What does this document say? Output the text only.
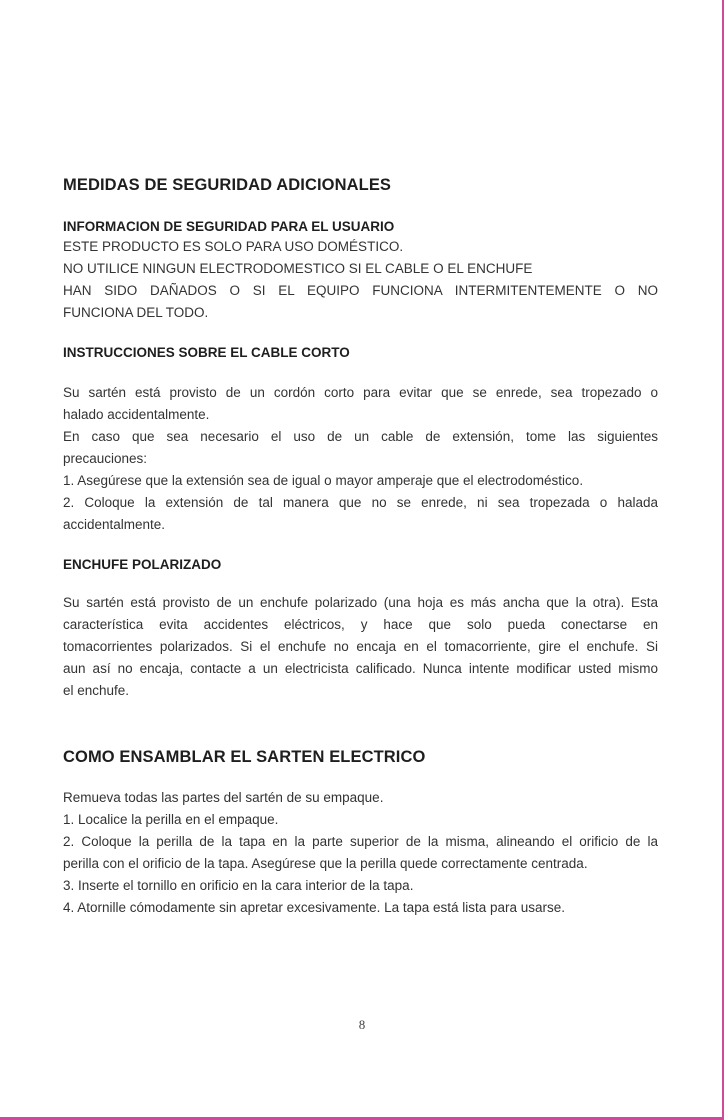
MEDIDAS DE SEGURIDAD ADICIONALES
INFORMACION DE SEGURIDAD PARA EL USUARIO
ESTE PRODUCTO ES SOLO PARA USO DOMÉSTICO.
NO UTILICE NINGUN ELECTRODOMESTICO SI EL CABLE O EL ENCHUFE
HAN SIDO DAÑADOS O SI EL EQUIPO FUNCIONA INTERMITENTEMENTE O NO
FUNCIONA DEL TODO.
INSTRUCCIONES SOBRE EL CABLE CORTO
Su sartén está provisto de un cordón corto para evitar que se enrede, sea tropezado o
halado accidentalmente.
En caso que sea necesario el uso de un cable de extensión, tome las siguientes
precauciones:
1. Asegúrese que la extensión sea de igual o mayor amperaje que el electrodoméstico.
2. Coloque la extensión de tal manera que no se enrede, ni sea tropezada o halada
accidentalmente.
ENCHUFE POLARIZADO
Su sartén está provisto de un enchufe polarizado (una hoja es más ancha que la otra). Esta
característica evita accidentes eléctricos, y hace que solo pueda conectarse en
tomacorrientes polarizados. Si el enchufe no encaja en el tomacorriente, gire el enchufe. Si
aun así no encaja, contacte a un electricista calificado. Nunca intente modificar usted mismo
el enchufe.
COMO ENSAMBLAR EL SARTEN ELECTRICO
Remueva todas las partes del sartén de su empaque.
1. Localice la perilla en el empaque.
2. Coloque la perilla de la tapa en la parte superior de la misma, alineando el orificio de la
perilla con el orificio de la tapa. Asegúrese que la perilla quede correctamente centrada.
3. Inserte el tornillo en orificio en la cara interior de la tapa.
4. Atornille cómodamente sin apretar excesivamente. La tapa está lista para usarse.
8
